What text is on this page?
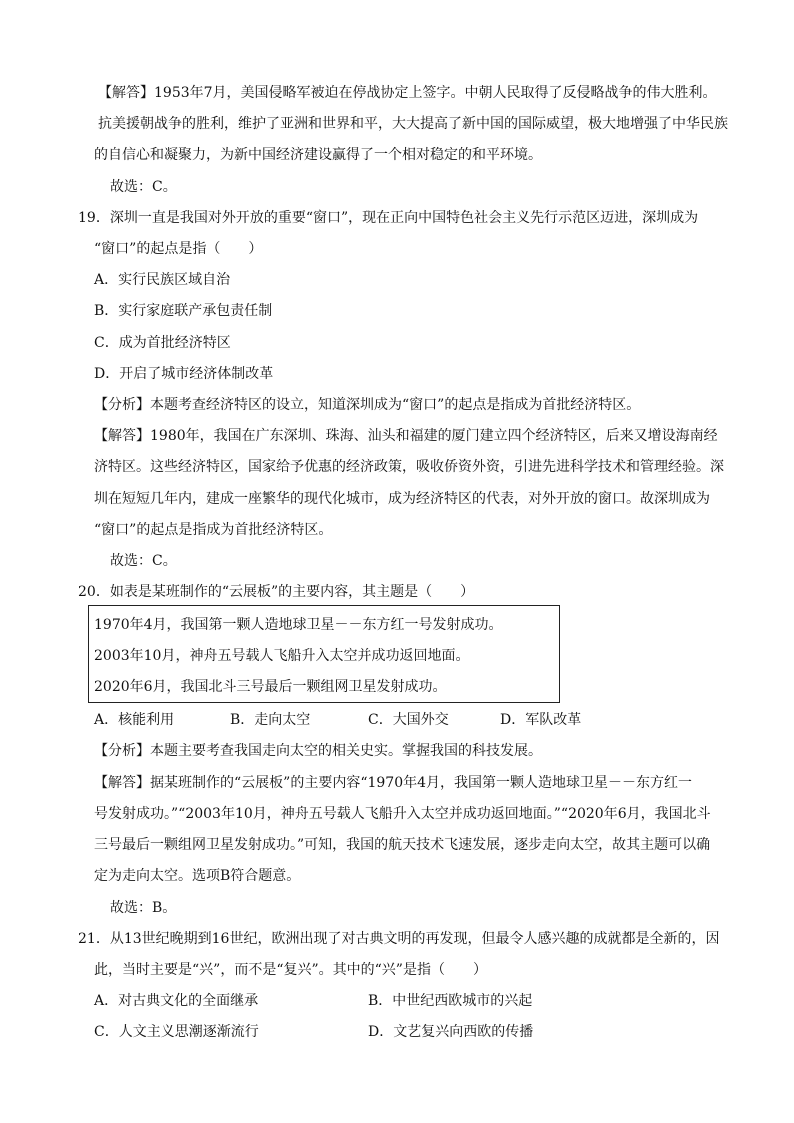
【解答】1953年7月，美国侵略军被迫在停战协定上签字。中朝人民取得了反侵略战争的伟大胜利。
抗美援朝战争的胜利，维护了亚洲和世界和平，大大提高了新中国的国际威望，极大地增强了中华民族
的自信心和凝聚力，为新中国经济建设赢得了一个相对稳定的和平环境。
故选：C。
19．深圳一直是我国对外开放的重要“窗口”，现在正向中国特色社会主义先行示范区迈进，深圳成为
“窗口”的起点是指（　　）
A．实行民族区域自治
B．实行家庭联产承包责任制
C．成为首批经济特区
D．开启了城市经济体制改革
【分析】本题考查经济特区的设立，知道深圳成为“窗口”的起点是指成为首批经济特区。
【解答】1980年，我国在广东深圳、珠海、汕头和福建的厦门建立四个经济特区，后来又增设海南经
济特区。这些经济特区，国家给予优惠的经济政策，吸收侨资外资，引进先进科学技术和管理经验。深
圳在短短几年内，建成一座繁华的现代化城市，成为经济特区的代表，对外开放的窗口。故深圳成为
“窗口”的起点是指成为首批经济特区。
故选：C。
20．如表是某班制作的“云展板”的主要内容，其主题是（　　）
1970年4月，我国第一颗人造地球卫星－－东方红一号发射成功。
2003年10月，神舟五号载人飞船升入太空并成功返回地面。
2020年6月，我国北斗三号最后一颗组网卫星发射成功。
A．核能利用	B．走向太空	C．大国外交	D．军队改革
【分析】本题主要考查我国走向太空的相关史实。掌握我国的科技发展。
【解答】据某班制作的“云展板”的主要内容“1970年4月，我国第一颗人造地球卫星－－东方红一
号发射成功。”“2003年10月，神舟五号载人飞船升入太空并成功返回地面。”“2020年6月，我国北斗
三号最后一颗组网卫星发射成功。”可知，我国的航天技术飞速发展，逐步走向太空，故其主题可以确
定为走向太空。选项B符合题意。
故选：B。
21．从13世纪晚期到16世纪，欧洲出现了对古典文明的再发现，但最令人感兴趣的成就都是全新的，因
此，当时主要是“兴”，而不是“复兴”。其中的“兴”是指（　　）
A．对古典文化的全面继承	B．中世纪西欧城市的兴起
C．人文主义思潮逐渐流行	D．文艺复兴向西欧的传播
